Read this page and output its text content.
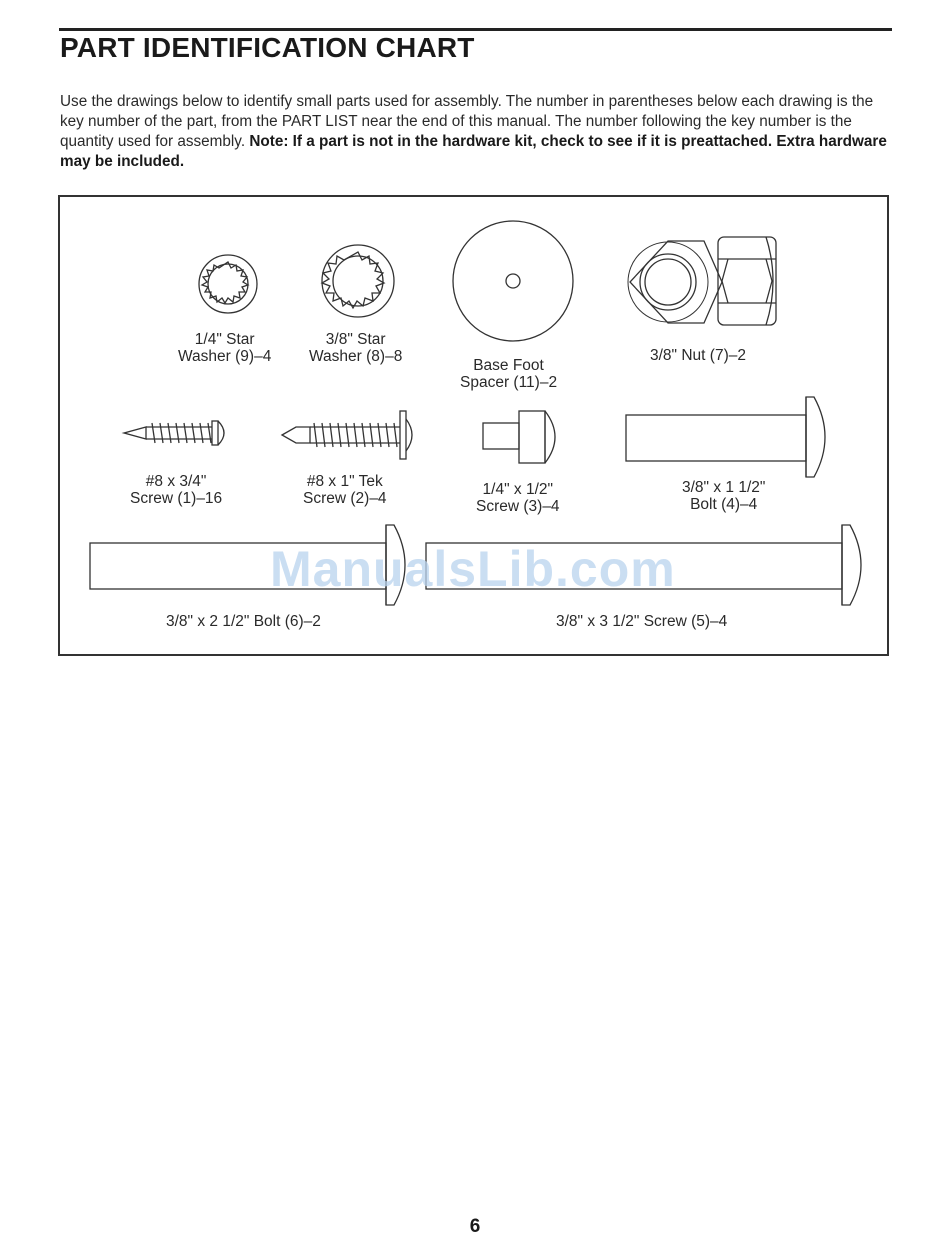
PART IDENTIFICATION CHART
Use the drawings below to identify small parts used for assembly. The number in parentheses below each drawing is the key number of the part, from the PART LIST near the end of this manual. The number following the key number is the quantity used for assembly. Note: If a part is not in the hardware kit, check to see if it is preattached. Extra hardware may be included.
1/4" Star
Washer (9)–4
3/8" Star
Washer (8)–8
Base Foot
Spacer (11)–2
3/8" Nut (7)–2
#8 x 3/4"
Screw (1)–16
#8 x 1" Tek
Screw (2)–4
1/4" x 1/2"
Screw (3)–4
3/8" x 1 1/2"
Bolt (4)–4
3/8" x 2 1/2" Bolt (6)–2	3/8" x 3 1/2" Screw (5)–4
ManualsLib.com
6
